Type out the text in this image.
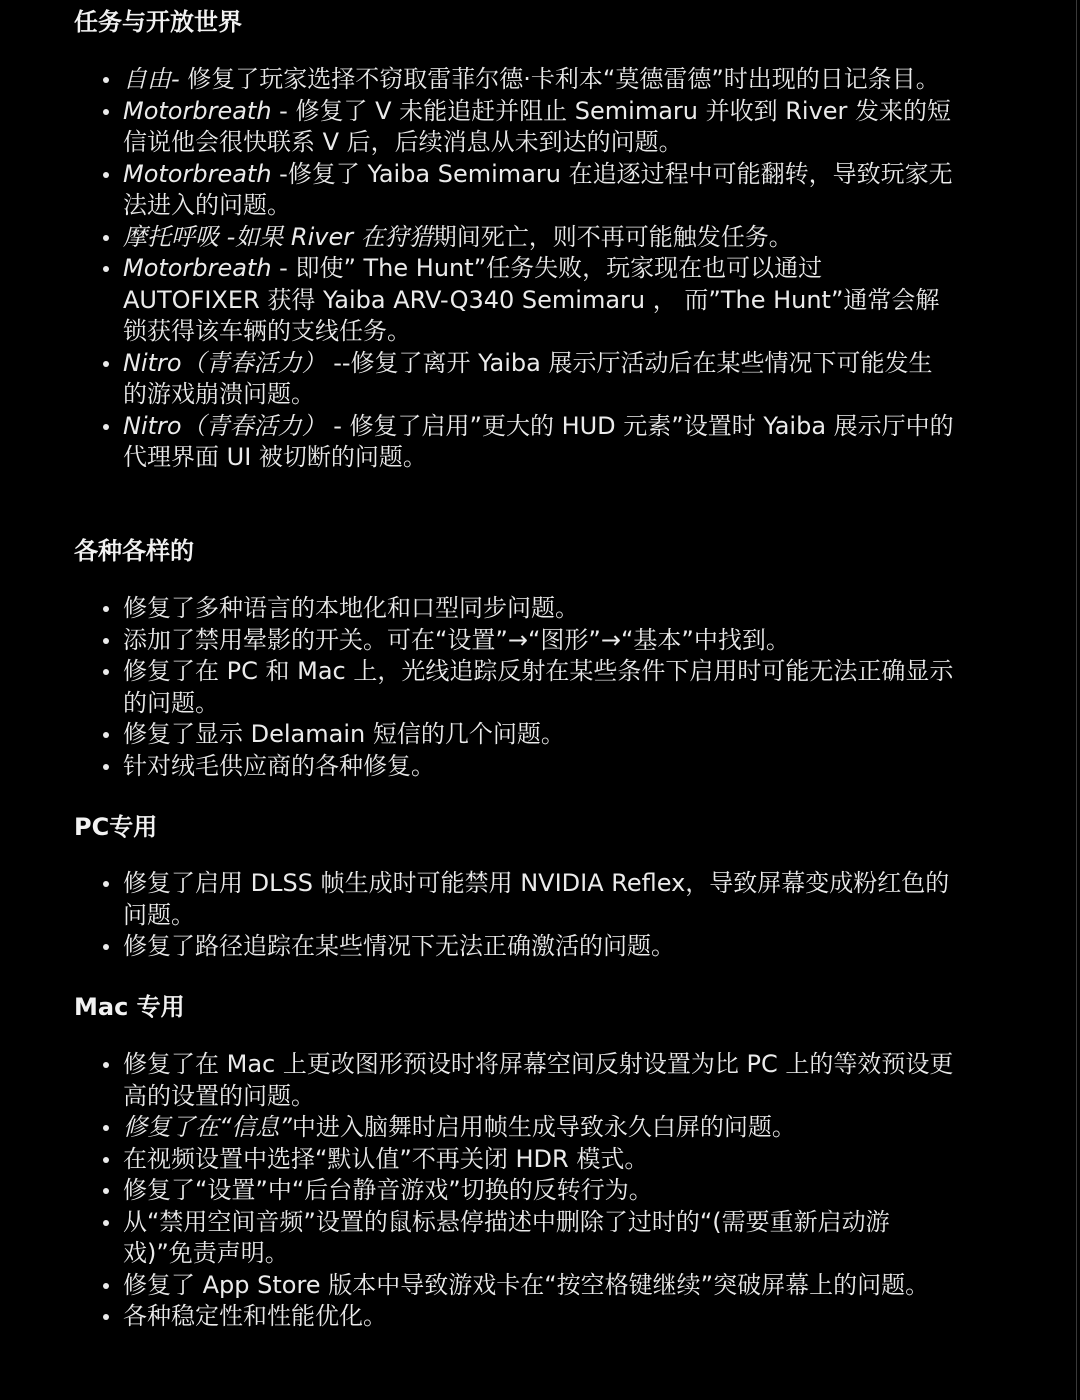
任务与开放世界
自由- 修复了玩家选择不窃取雷菲尔德·卡利本“莫德雷德”时出现的日记条目。
Motorbreath - 修复了 V 未能追赶并阻止 Semimaru 并收到 River 发来的短信说他会很快联系 V 后，后续消息从未到达的问题。
Motorbreath -修复了 Yaiba Semimaru 在追逐过程中可能翻转，导致玩家无法进入的问题。
摩托呼吸 -如果 River 在狩猎期间死亡，则不再可能触发任务。
Motorbreath - 即使” The Hunt”任务失败，玩家现在也可以通过 AUTOFIXER 获得 Yaiba ARV-Q340 Semimaru ， 而”The Hunt”通常会解锁获得该车辆的支线任务。
Nitro（青春活力） --修复了离开 Yaiba 展示厅活动后在某些情况下可能发生的游戏崩溃问题。
Nitro（青春活力） - 修复了启用”更大的 HUD 元素”设置时 Yaiba 展示厅中的代理界面 UI 被切断的问题。
各种各样的
修复了多种语言的本地化和口型同步问题。
添加了禁用晕影的开关。可在“设置”→“图形”→“基本”中找到。
修复了在 PC 和 Mac 上，光线追踪反射在某些条件下启用时可能无法正确显示的问题。
修复了显示 Delamain 短信的几个问题。
针对绒毛供应商的各种修复。
PC专用
修复了启用 DLSS 帧生成时可能禁用 NVIDIA Reflex，导致屏幕变成粉红色的问题。
修复了路径追踪在某些情况下无法正确激活的问题。
Mac 专用
修复了在 Mac 上更改图形预设时将屏幕空间反射设置为比 PC 上的等效预设更高的设置的问题。
修复了在“信息”中进入脑舞时启用帧生成导致永久白屏的问题。
在视频设置中选择“默认值”不再关闭 HDR 模式。
修复了“设置”中“后台静音游戏”切换的反转行为。
从“禁用空间音频”设置的鼠标悬停描述中删除了过时的“(需要重新启动游戏)”免责声明。
修复了 App Store 版本中导致游戏卡在“按空格键继续”突破屏幕上的问题。
各种稳定性和性能优化。
